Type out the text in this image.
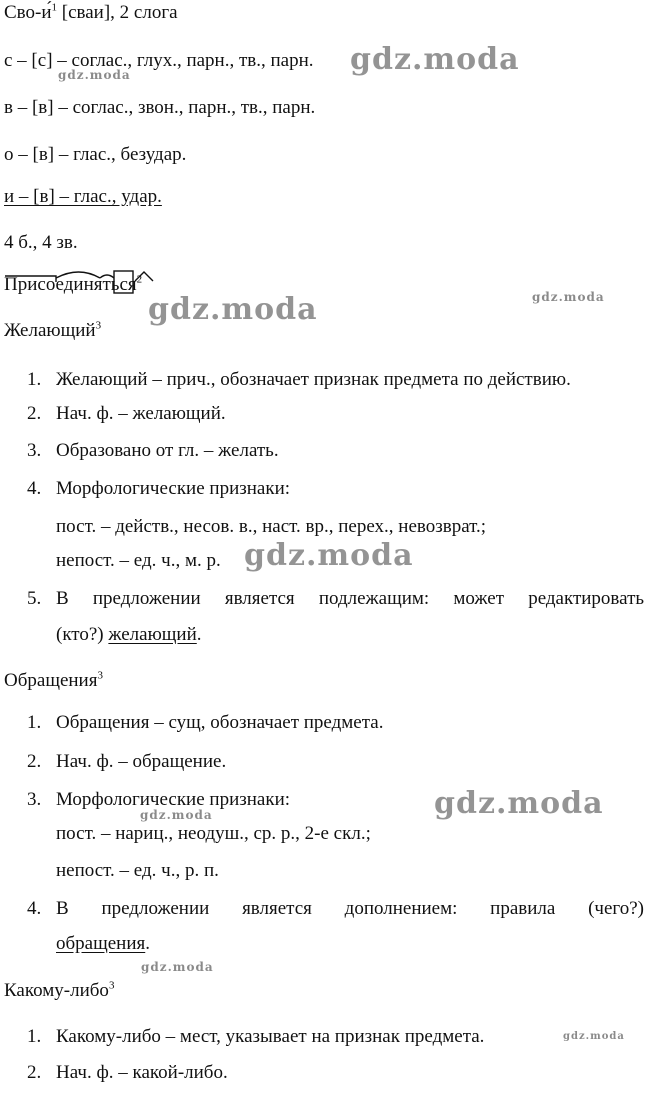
Сво-и́$^1$ [сваи], 2 слога
с – [с] – соглас., глух., парн., тв., парн.
в – [в] – соглас., звон., парн., тв., парн.
о – [в] – глас., безудар.
и – [в] – глас., удар.
4 б., 4 зв.
Присоединяться$^2$
Желающий$^3$
1. Желающий – прич., обозначает признак предмета по действию.
2. Нач. ф. – желающий.
3. Образовано от гл. – желать.
4. Морфологические признаки:
пост. – действ., несов. в., наст. вр., перех., невозврат.;
непост. – ед. ч., м. р.
5. В предложении является подлежащим: может редактировать
(кто?) желающий.
Обращения$^3$
1. Обращения – сущ, обозначает предмета.
2. Нач. ф. – обращение.
3. Морфологические признаки:
пост. – нариц., неодуш., ср. р., 2-е скл.;
непост. – ед. ч., р. п.
4. В предложении является дополнением: правила (чего?)
обращения.
Какому-либо$^3$
1. Какому-либо – мест, указывает на признак предмета.
2. Нач. ф. – какой-либо.
gdz.moda
gdz.moda
gdz.moda	gdz.moda
gdz.moda
gdz.moda
gdz.moda
gdz.moda
gdz.moda
